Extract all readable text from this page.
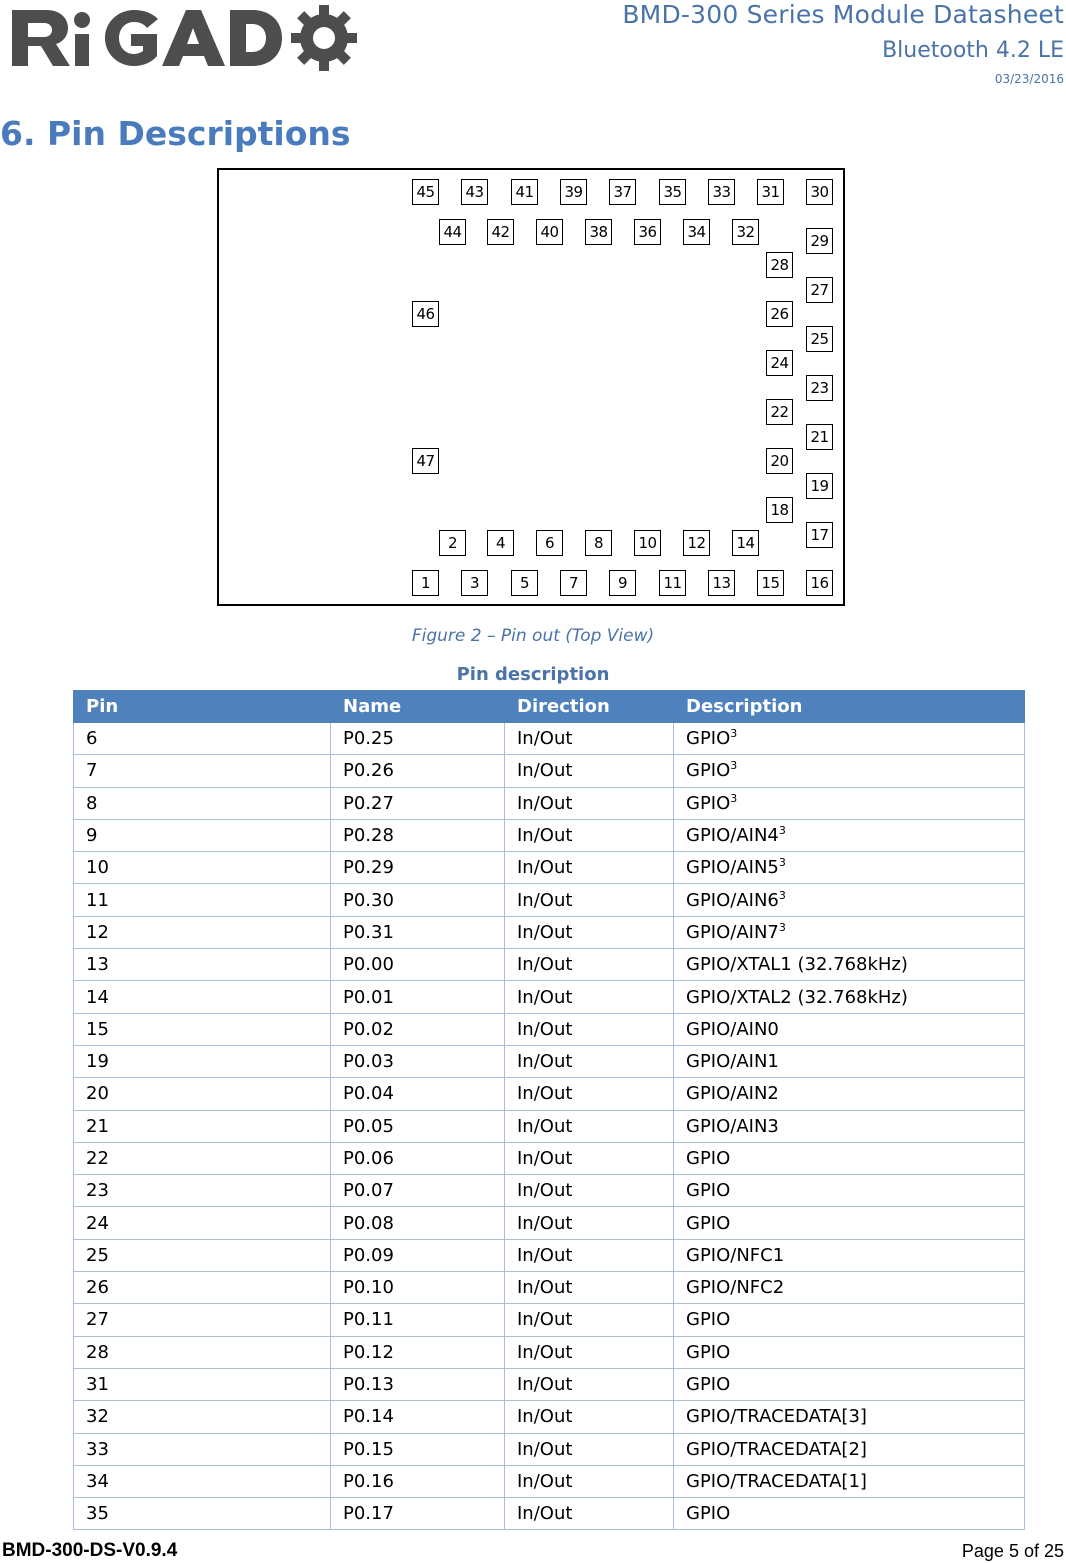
BMD-300 Series Module Datasheet
Bluetooth 4.2 LE
03/23/2016
6. Pin Descriptions
1
2
3
4
5
6
7
8
9
10
11
12
13
14
15 16
17
18
19
20
21
22
23
24
25
26
27
28
29
30
31
32
33
34
35
36
37
38
39
40
41
42
43
44
45
46
47
Figure 2 – Pin out (Top View)
Pin description
Pin	Name	Direction	Description
6	P0.25	In/Out	GPIO$^3$
7	P0.26	In/Out	GPIO$^3$
8	P0.27	In/Out	GPIO$^3$
9	P0.28	In/Out	GPIO/$AIN4^3$
10	P0.29	In/Out	GPIO/$AIN5^3$
11	P0.30	In/Out	GPIO/$AIN6^3$
12	P0.31	In/Out	GPIO/$AIN7^3$
13	P0.00	In/Out	GPIO/XTAL1 (32.768kHz)
14	P0.01	In/Out	GPIO/XTAL2 (32.768kHz)
15	P0.02	In/Out	GPIO/AIN0
19	P0.03	In/Out	GPIO/AIN1
20	P0.04	In/Out	GPIO/AIN2
21	P0.05	In/Out	GPIO/AIN3
22	P0.06	In/Out	GPIO
23	P0.07	In/Out	GPIO
24	P0.08	In/Out	GPIO
25	P0.09	In/Out	GPIO/NFC1
26	P0.10	In/Out	GPIO/NFC2
27	P0.11	In/Out	GPIO
28	P0.12	In/Out	GPIO
31	P0.13	In/Out	GPIO
32	P0.14	In/Out	GPIO/TRACEDATA[3]
33	P0.15	In/Out	GPIO/TRACEDATA[2]
34	P0.16	In/Out	GPIO/TRACEDATA[1]
35	P0.17	In/Out	GPIO
BMD-300-DS-V0.9.4	Page 5 of 25
